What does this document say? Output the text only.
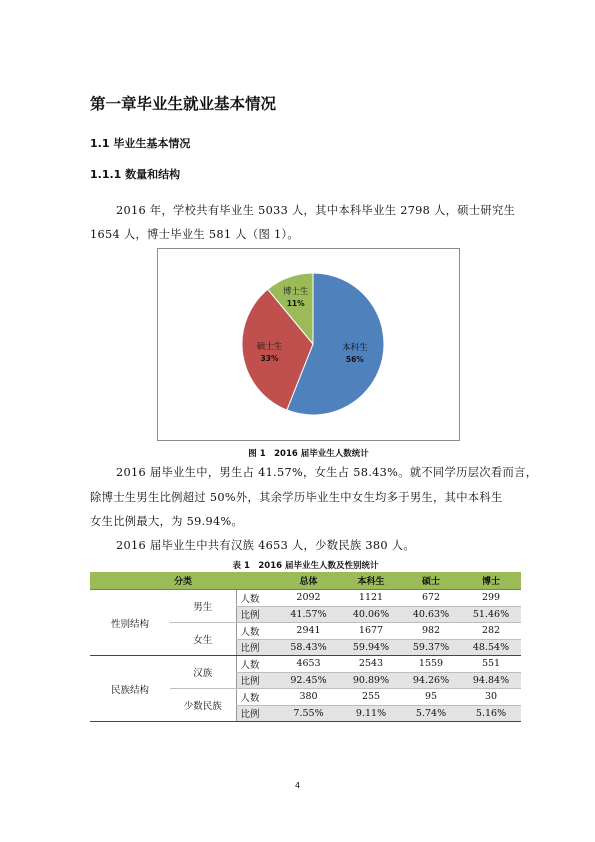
第一章毕业生就业基本情况
1.1 毕业生基本情况
1.1.1 数量和结构
2016 年，学校共有毕业生 5033 人，其中本科毕业生 2798 人，硕士研究生
1654 人，博士毕业生 581 人（图 1）。
本科生
56%
硕士生
33%
博士生
11%
图 1　2016 届毕业生人数统计
2016 届毕业生中，男生占 41.57%，女生占 58.43%。就不同学历层次看而言，
除博士生男生比例超过 50%外，其余学历毕业生中女生均多于男生，其中本科生
女生比例最大，为 59.94%。
2016 届毕业生中共有汉族 4653 人，少数民族 380 人。
表 1　2016 届毕业生人数及性别统计
分类			总体	本科生	硕士	博士
性别结构	男生	人数	2092	1121	672	299
		比例	41.57%	40.06%	40.63%	51.46%
	女生	人数	2941	1677	982	282
		比例	58.43%	59.94%	59.37%	48.54%
民族结构	汉族	人数	4653	2543	1559	551
		比例	92.45%	90.89%	94.26%	94.84%
	少数民族	人数	380	255	95	30
		比例	7.55%	9.11%	5.74%	5.16%
4
